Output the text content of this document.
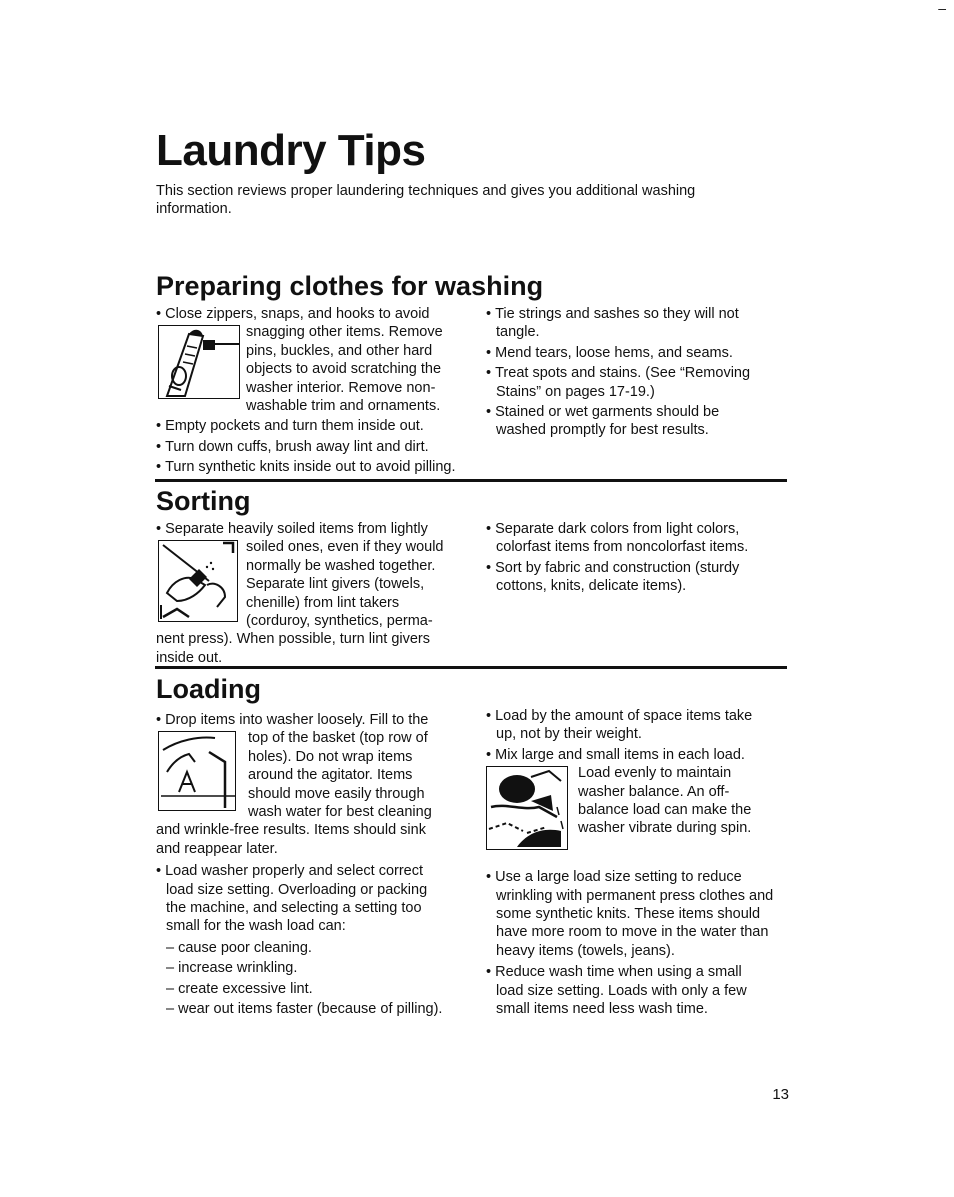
Laundry Tips
This section reviews proper laundering techniques and gives you additional washing information.
–
Preparing clothes for washing

• Close zippers, snaps, and hooks to avoid

snagging other items. Remove

pins, buckles, and other hard

objects to avoid scratching the

washer interior. Remove non-

washable trim and ornaments.

• Empty pockets and turn them inside out.

• Turn down cuffs, brush away lint and dirt.

• Turn synthetic knits inside out to avoid pilling.

• Tie strings and sashes so they will not

tangle.

• Mend tears, loose hems, and seams.

• Treat spots and stains. (See “Removing

Stains” on pages 17-19.)

• Stained or wet garments should be

washed promptly for best results.

Sorting

• Separate heavily soiled items from lightly

soiled ones, even if they would

normally be washed together.

Separate lint givers (towels,

chenille) from lint takers

(corduroy, synthetics, perma-

nent press). When possible, turn lint givers

inside out.

• Separate dark colors from light colors,

colorfast items from noncolorfast items.

• Sort by fabric and construction (sturdy

cottons, knits, delicate items).

Loading

• Drop items into washer loosely. Fill to the

top of the basket (top row of

holes). Do not wrap items

around the agitator. Items

should move easily through

wash water for best cleaning

and wrinkle-free results. Items should sink

and reappear later.

• Load washer properly and select correct

load size setting. Overloading or packing

the machine, and selecting a setting too

small for the wash load can:

– cause poor cleaning.

– increase wrinkling.

– create excessive lint.

– wear out items faster (because of pilling).

• Load by the amount of space items take

up, not by their weight.

• Mix large and small items in each load.

Load evenly to maintain

washer balance. An off-

balance load can make the

washer vibrate during spin.

• Use a large load size setting to reduce

wrinkling with permanent press clothes and

some synthetic knits. These items should

have more room to move in the water than

heavy items (towels, jeans).

• Reduce wash time when using a small

load size setting. Loads with only a few

small items need less wash time.

13
